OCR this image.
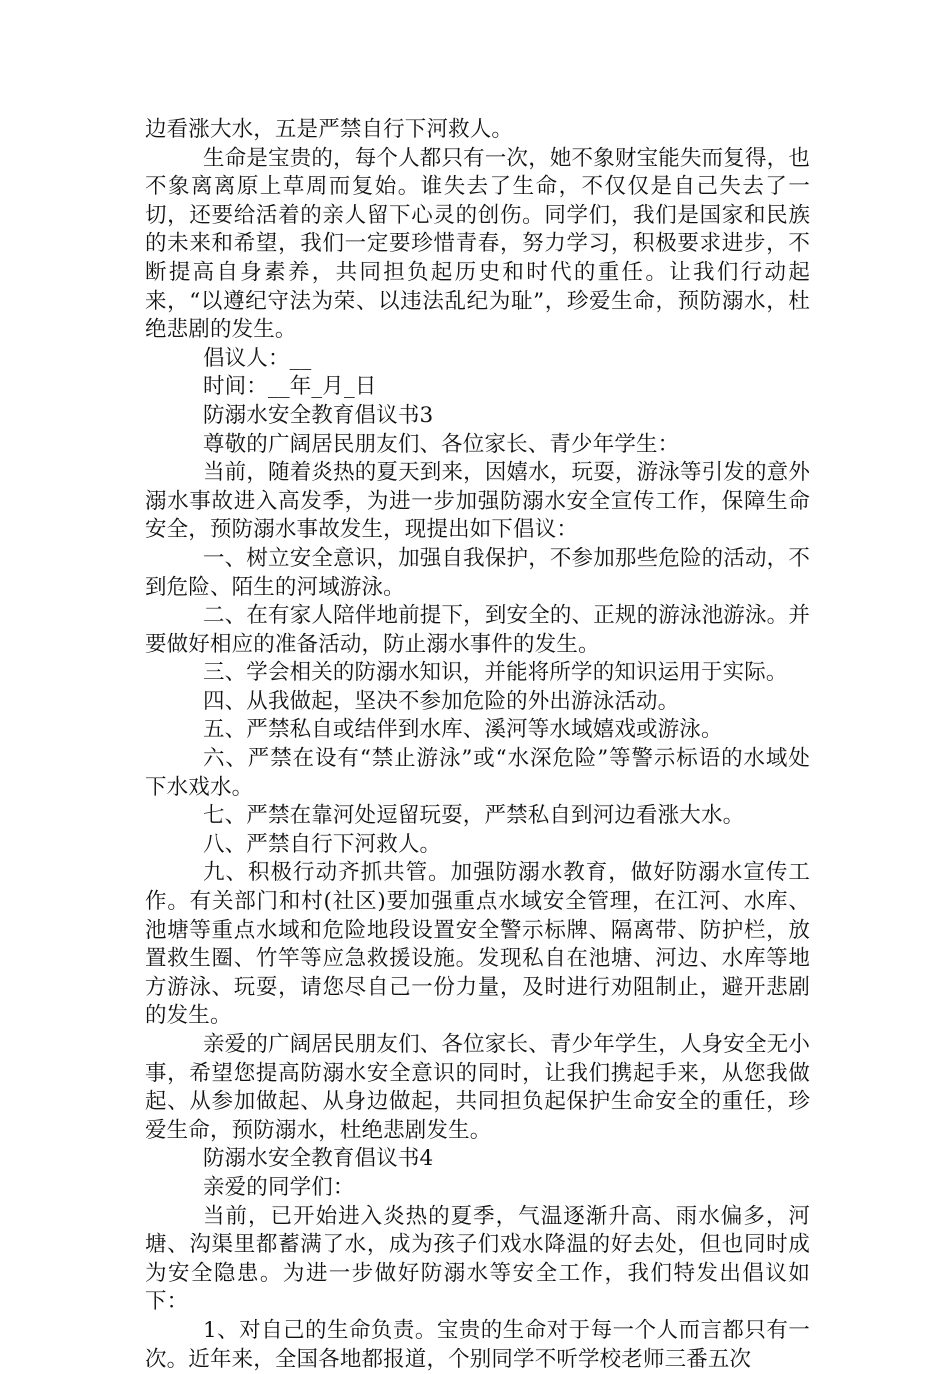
边看涨大水，五是严禁自行下河救人。

生命是宝贵的，每个人都只有一次，她不象财宝能失而复得，也不象离离原上草周而复始。谁失去了生命，不仅仅是自己失去了一切，还要给活着的亲人留下心灵的创伤。同学们，我们是国家和民族的未来和希望，我们一定要珍惜青春，努力学习，积极要求进步，不断提高自身素养，共同担负起历史和时代的重任。让我们行动起来，“以遵纪守法为荣、以违法乱纪为耻”，珍爱生命，预防溺水，杜绝悲剧的发生。

倡议人：__

时间：__年_月_日

防溺水安全教育倡议书3

尊敬的广阔居民朋友们、各位家长、青少年学生：

当前，随着炎热的夏天到来，因嬉水，玩耍，游泳等引发的意外溺水事故进入高发季，为进一步加强防溺水安全宣传工作，保障生命安全，预防溺水事故发生，现提出如下倡议：

一、树立安全意识，加强自我保护，不参加那些危险的活动，不到危险、陌生的河域游泳。

二、在有家人陪伴地前提下，到安全的、正规的游泳池游泳。并要做好相应的准备活动，防止溺水事件的发生。

三、学会相关的防溺水知识，并能将所学的知识运用于实际。

四、从我做起，坚决不参加危险的外出游泳活动。

五、严禁私自或结伴到水库、溪河等水域嬉戏或游泳。

六、严禁在设有“禁止游泳”或“水深危险”等警示标语的水域处下水戏水。

七、严禁在靠河处逗留玩耍，严禁私自到河边看涨大水。

八、严禁自行下河救人。

九、积极行动齐抓共管。加强防溺水教育，做好防溺水宣传工作。有关部门和村(社区)要加强重点水域安全管理，在江河、水库、池塘等重点水域和危险地段设置安全警示标牌、隔离带、防护栏，放置救生圈、竹竿等应急救援设施。发现私自在池塘、河边、水库等地方游泳、玩耍，请您尽自己一份力量，及时进行劝阻制止，避开悲剧的发生。

亲爱的广阔居民朋友们、各位家长、青少年学生，人身安全无小事，希望您提高防溺水安全意识的同时，让我们携起手来，从您我做起、从参加做起、从身边做起，共同担负起保护生命安全的重任，珍爱生命，预防溺水，杜绝悲剧发生。

防溺水安全教育倡议书4

亲爱的同学们：

当前，已开始进入炎热的夏季，气温逐渐升高、雨水偏多，河塘、沟渠里都蓄满了水，成为孩子们戏水降温的好去处，但也同时成为安全隐患。为进一步做好防溺水等安全工作，我们特发出倡议如下：

1、对自己的生命负责。宝贵的生命对于每一个人而言都只有一次。近年来，全国各地都报道，个别同学不听学校老师三番五次
